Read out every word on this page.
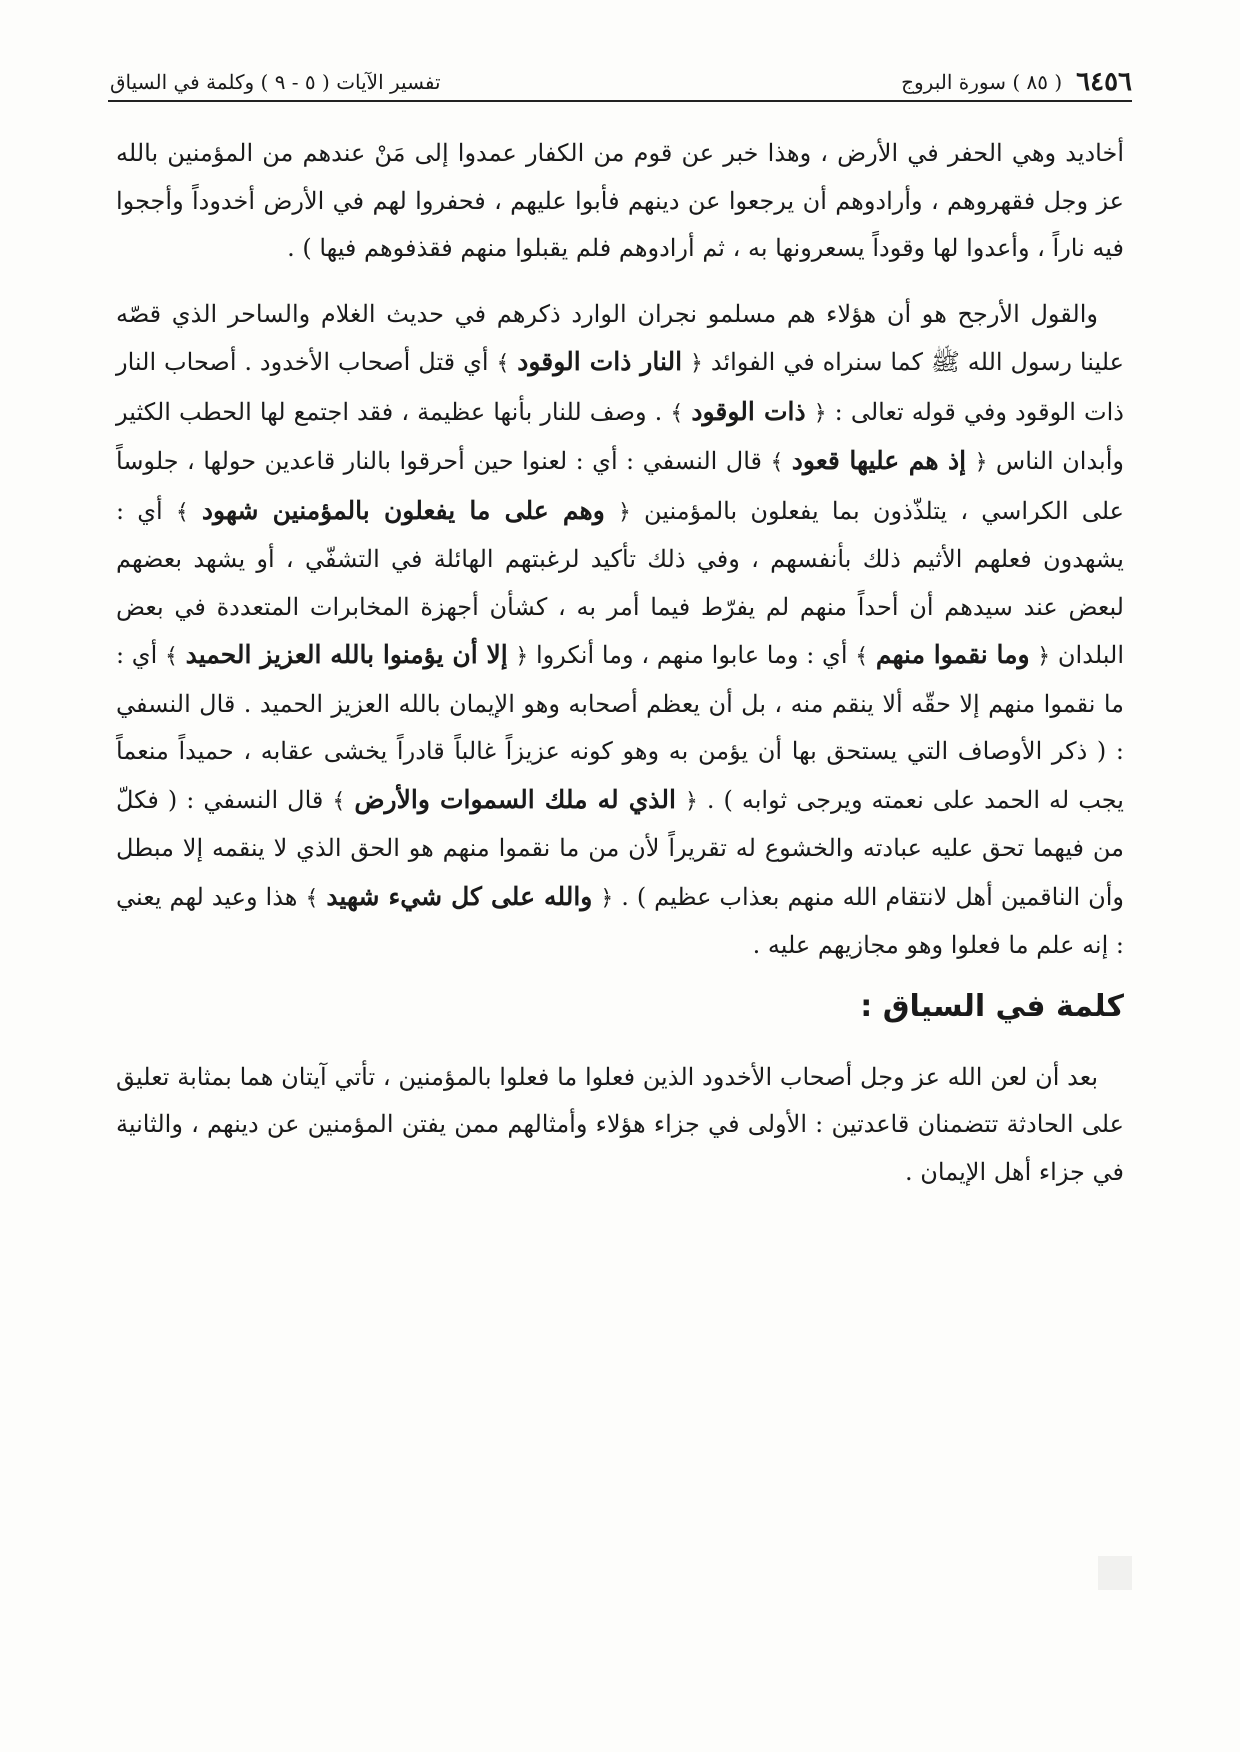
٦٤٥٦
( ٨٥ ) سورة البروج
تفسير الآيات ( ٥ - ٩ ) وكلمة في السياق

أخاديد وهي الحفر في الأرض ، وهذا خبر عن قوم من الكفار عمدوا إلى مَنْ عندهم من المؤمنين بالله عز وجل فقهروهم ، وأرادوهم أن يرجعوا عن دينهم فأبوا عليهم ، فحفروا لهم في الأرض أخدوداً وأججوا فيه ناراً ، وأعدوا لها وقوداً يسعرونها به ، ثم أرادوهم فلم يقبلوا منهم فقذفوهم فيها ) .

والقول الأرجح هو أن هؤلاء هم مسلمو نجران الوارد ذكرهم في حديث الغلام والساحر الذي قصّه علينا رسول الله ﷺ كما سنراه في الفوائد ﴿ النار ذات الوقود ﴾ أي قتل أصحاب الأخدود . أصحاب النار ذات الوقود وفي قوله تعالى : ﴿ ذات الوقود ﴾ . وصف للنار بأنها عظيمة ، فقد اجتمع لها الحطب الكثير وأبدان الناس ﴿ إذ هم عليها قعود ﴾ قال النسفي : أي : لعنوا حين أحرقوا بالنار قاعدين حولها ، جلوساً على الكراسي ، يتلذّذون بما يفعلون بالمؤمنين ﴿ وهم على ما يفعلون بالمؤمنين شهود ﴾ أي : يشهدون فعلهم الأثيم ذلك بأنفسهم ، وفي ذلك تأكيد لرغبتهم الهائلة في التشفّي ، أو يشهد بعضهم لبعض عند سيدهم أن أحداً منهم لم يفرّط فيما أمر به ، كشأن أجهزة المخابرات المتعددة في بعض البلدان ﴿ وما نقموا منهم ﴾ أي : وما عابوا منهم ، وما أنكروا ﴿ إلا أن يؤمنوا بالله العزيز الحميد ﴾ أي : ما نقموا منهم إلا حقّه ألا ينقم منه ، بل أن يعظم أصحابه وهو الإيمان بالله العزيز الحميد . قال النسفي : ( ذكر الأوصاف التي يستحق بها أن يؤمن به وهو كونه عزيزاً غالباً قادراً يخشى عقابه ، حميداً منعماً يجب له الحمد على نعمته ويرجى ثوابه ) . ﴿ الذي له ملك السموات والأرض ﴾ قال النسفي : ( فكلّ من فيهما تحق عليه عبادته والخشوع له تقريراً لأن من ما نقموا منهم هو الحق الذي لا ينقمه إلا مبطل وأن الناقمين أهل لانتقام الله منهم بعذاب عظيم ) . ﴿ والله على كل شيء شهيد ﴾ هذا وعيد لهم يعني : إنه علم ما فعلوا وهو مجازيهم عليه .

كلمة في السياق :

بعد أن لعن الله عز وجل أصحاب الأخدود الذين فعلوا ما فعلوا بالمؤمنين ، تأتي آيتان هما بمثابة تعليق على الحادثة تتضمنان قاعدتين : الأولى في جزاء هؤلاء وأمثالهم ممن يفتن المؤمنين عن دينهم ، والثانية في جزاء أهل الإيمان .
